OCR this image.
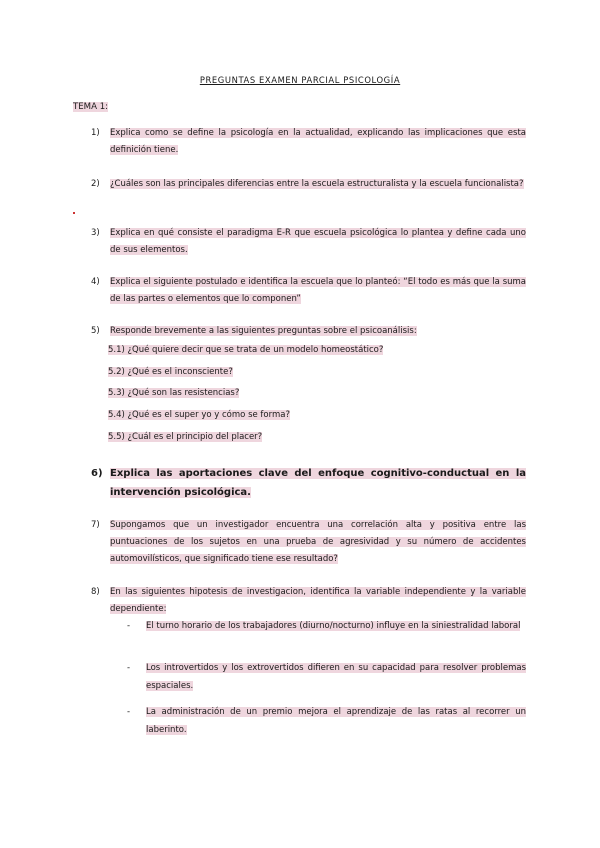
PREGUNTAS EXAMEN PARCIAL PSICOLOGÍA
TEMA 1:
1) Explica como se define la psicología en la actualidad, explicando las implicaciones que esta definición tiene.
2) ¿Cuáles son las principales diferencias entre la escuela estructuralista y la escuela funcionalista?
3) Explica en qué consiste el paradigma E-R que escuela psicológica lo plantea y define cada uno de sus elementos.
4) Explica el siguiente postulado e identifica la escuela que lo planteó: “El todo es más que la suma de las partes o elementos que lo componen”
5) Responde brevemente a las siguientes preguntas sobre el psicoanálisis:
5.1) ¿Qué quiere decir que se trata de un modelo homeostático?
5.2) ¿Qué es el inconsciente?
5.3) ¿Qué son las resistencias?
5.4) ¿Qué es el super yo y cómo se forma?
5.5) ¿Cuál es el principio del placer?
6) Explica las aportaciones clave del enfoque cognitivo-conductual en la intervención psicológica.
7) Supongamos que un investigador encuentra una correlación alta y positiva entre las puntuaciones de los sujetos en una prueba de agresividad y su número de accidentes automovilísticos, que significado tiene ese resultado?
8) En las siguientes hipotesis de investigacion, identifica la variable independiente y la variable dependiente:
- El turno horario de los trabajadores (diurno/nocturno) influye en la siniestralidad laboral
- Los introvertidos y los extrovertidos difieren en su capacidad para resolver problemas espaciales.
- La administración de un premio mejora el aprendizaje de las ratas al recorrer un laberinto.
